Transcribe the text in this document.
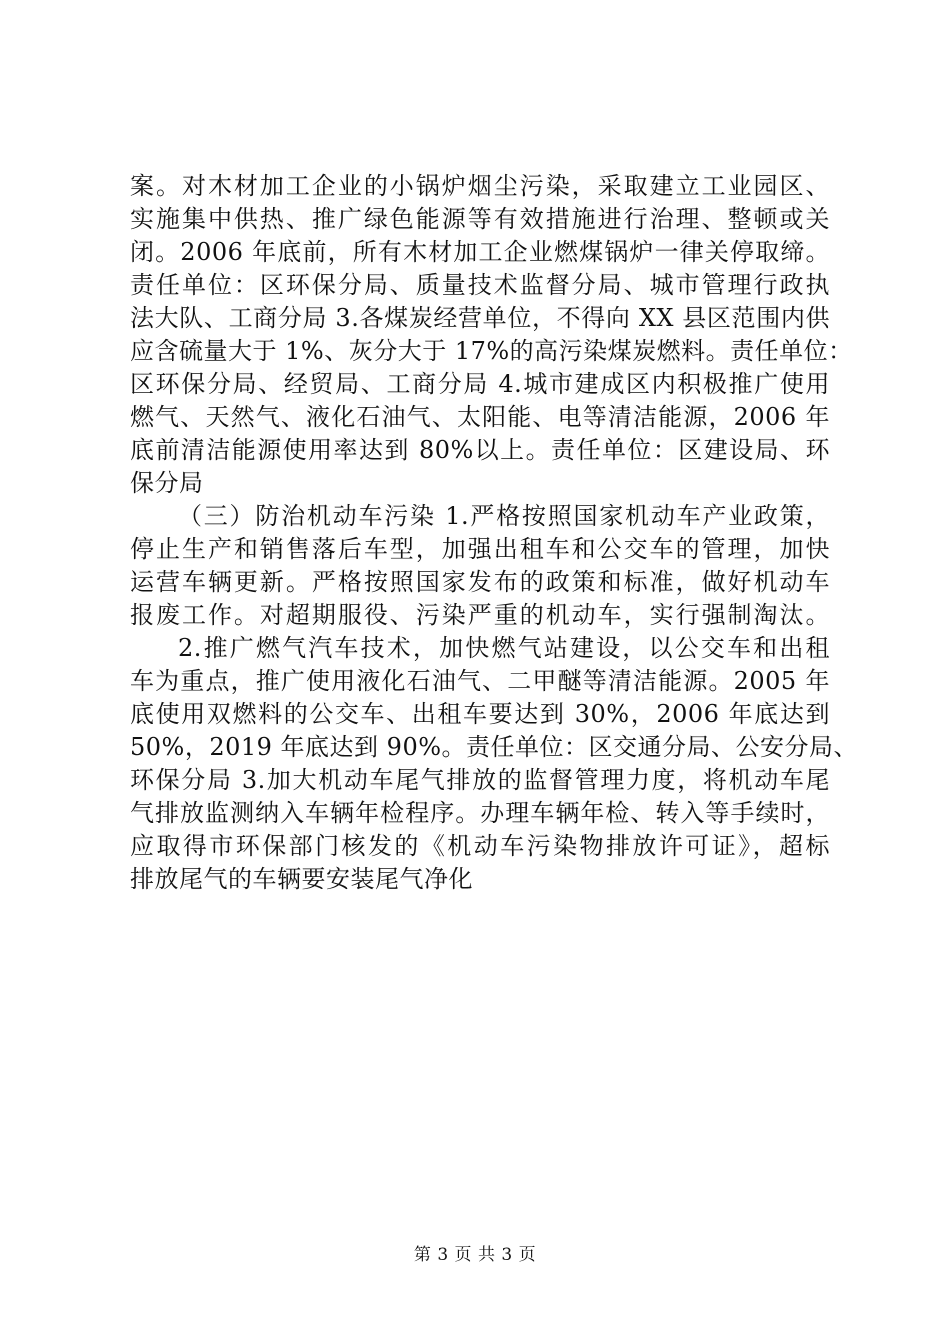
案。对木材加工企业的小锅炉烟尘污染，采取建立工业园区、
实施集中供热、推广绿色能源等有效措施进行治理、整顿或关
闭。2006 年底前，所有木材加工企业燃煤锅炉一律关停取缔。
责任单位：区环保分局、质量技术监督分局、城市管理行政执
法大队、工商分局 3.各煤炭经营单位，不得向 XX 县区范围内供
应含硫量大于 1%、灰分大于 17%的高污染煤炭燃料。责任单位：
区环保分局、经贸局、工商分局 4.城市建成区内积极推广使用
燃气、天然气、液化石油气、太阳能、电等清洁能源，2006 年
底前清洁能源使用率达到 80%以上。责任单位：区建设局、环
保分局
（三）防治机动车污染 1.严格按照国家机动车产业政策，
停止生产和销售落后车型，加强出租车和公交车的管理，加快
运营车辆更新。严格按照国家发布的政策和标准，做好机动车
报废工作。对超期服役、污染严重的机动车，实行强制淘汰。
2.推广燃气汽车技术，加快燃气站建设，以公交车和出租
车为重点，推广使用液化石油气、二甲醚等清洁能源。2005 年
底使用双燃料的公交车、出租车要达到 30%，2006 年底达到
50%，2019 年底达到 90%。责任单位：区交通分局、公安分局、
环保分局 3.加大机动车尾气排放的监督管理力度，将机动车尾
气排放监测纳入车辆年检程序。办理车辆年检、转入等手续时，
应取得市环保部门核发的《机动车污染物排放许可证》，超标
排放尾气的车辆要安装尾气净化
第 3 页 共 3 页
